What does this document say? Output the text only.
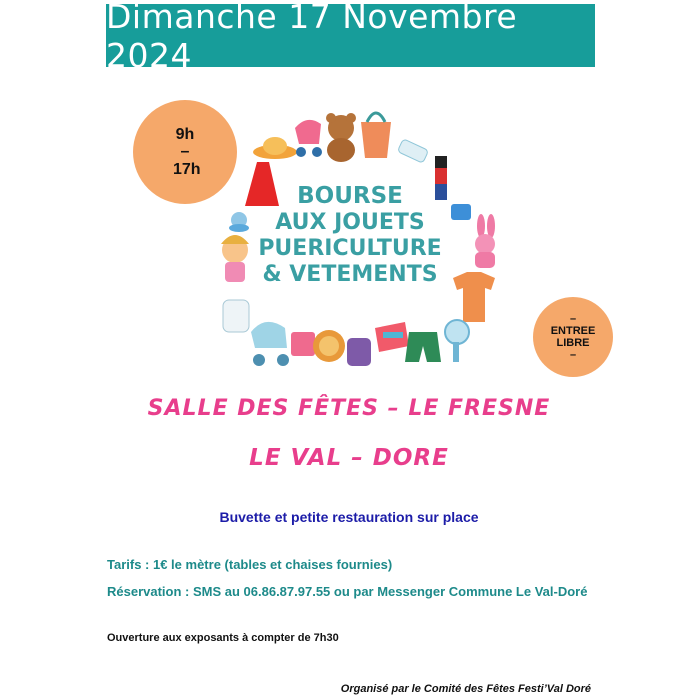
Dimanche 17 Novembre 2024
9h
–
17h
BOURSE
AUX JOUETS
PUERICULTURE
& VETEMENTS
–
ENTREE
LIBRE
–
SALLE DES FÊTES – LE FRESNE
LE VAL – DORE
Buvette et petite restauration sur place
Tarifs : 1€ le mètre (tables et chaises fournies)
Réservation : SMS au 06.86.87.97.55 ou par Messenger Commune Le Val-Doré
Ouverture aux exposants à compter de 7h30
Organisé par le Comité des Fêtes Festi’Val Doré
